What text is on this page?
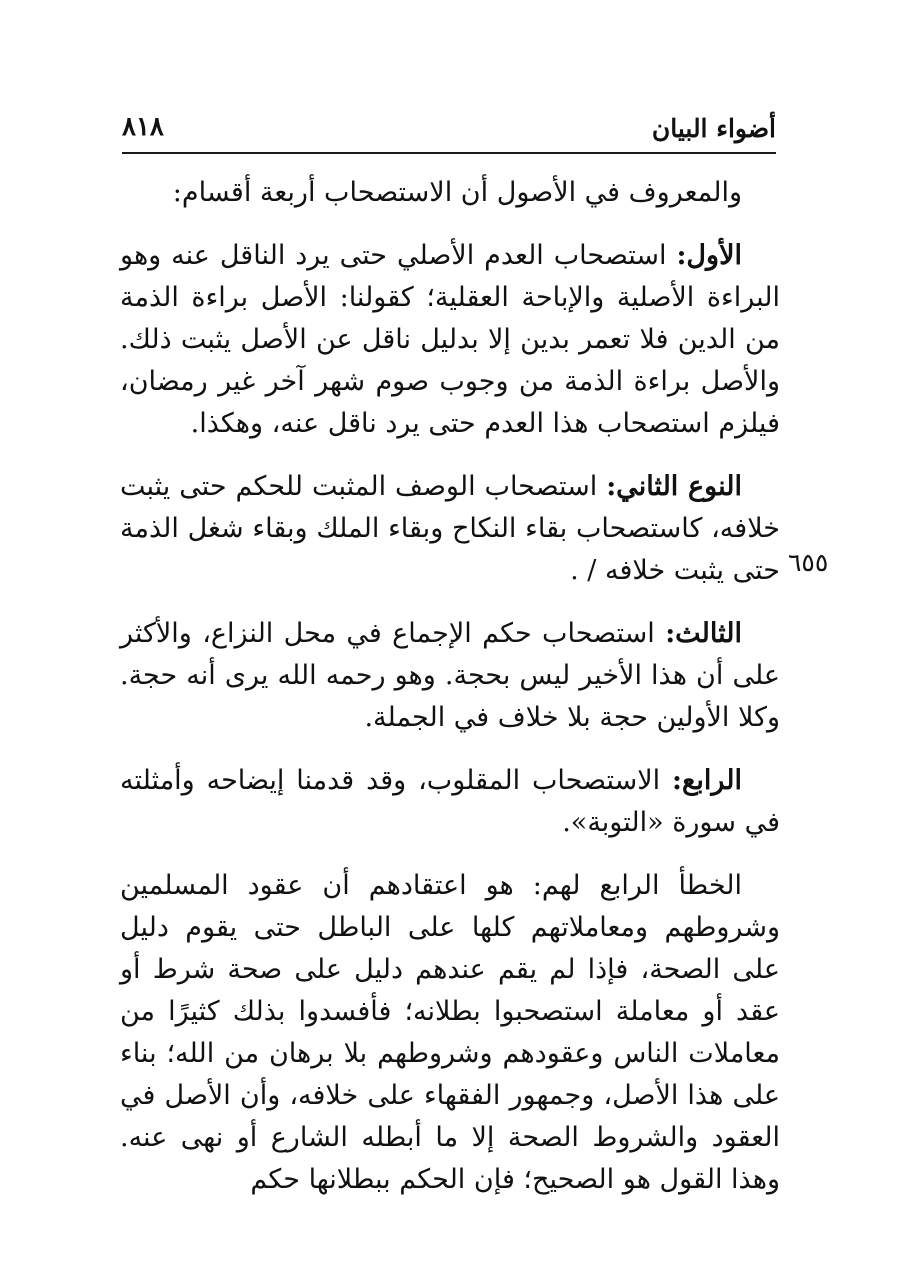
أضواء البيان
٨١٨
٦٥٥

والمعروف في الأصول أن الاستصحاب أربعة أقسام:

الأول: استصحاب العدم الأصلي حتى يرد الناقل عنه وهو البراءة الأصلية والإباحة العقلية؛ كقولنا: الأصل براءة الذمة من الدين فلا تعمر بدين إلا بدليل ناقل عن الأصل يثبت ذلك. والأصل براءة الذمة من وجوب صوم شهر آخر غير رمضان، فيلزم استصحاب هذا العدم حتى يرد ناقل عنه، وهكذا.

النوع الثاني: استصحاب الوصف المثبت للحكم حتى يثبت خلافه، كاستصحاب بقاء النكاح وبقاء الملك وبقاء شغل الذمة حتى يثبت خلافه / .

الثالث: استصحاب حكم الإجماع في محل النزاع، والأكثر على أن هذا الأخير ليس بحجة. وهو رحمه الله يرى أنه حجة. وكلا الأولين حجة بلا خلاف في الجملة.

الرابع: الاستصحاب المقلوب، وقد قدمنا إيضاحه وأمثلته في سورة «التوبة».

الخطأ الرابع لهم: هو اعتقادهم أن عقود المسلمين وشروطهم ومعاملاتهم كلها على الباطل حتى يقوم دليل على الصحة، فإذا لم يقم عندهم دليل على صحة شرط أو عقد أو معاملة استصحبوا بطلانه؛ فأفسدوا بذلك كثيرًا من معاملات الناس وعقودهم وشروطهم بلا برهان من الله؛ بناء على هذا الأصل، وجمهور الفقهاء على خلافه، وأن الأصل في العقود والشروط الصحة إلا ما أبطله الشارع أو نهى عنه. وهذا القول هو الصحيح؛ فإن الحكم ببطلانها حكم
